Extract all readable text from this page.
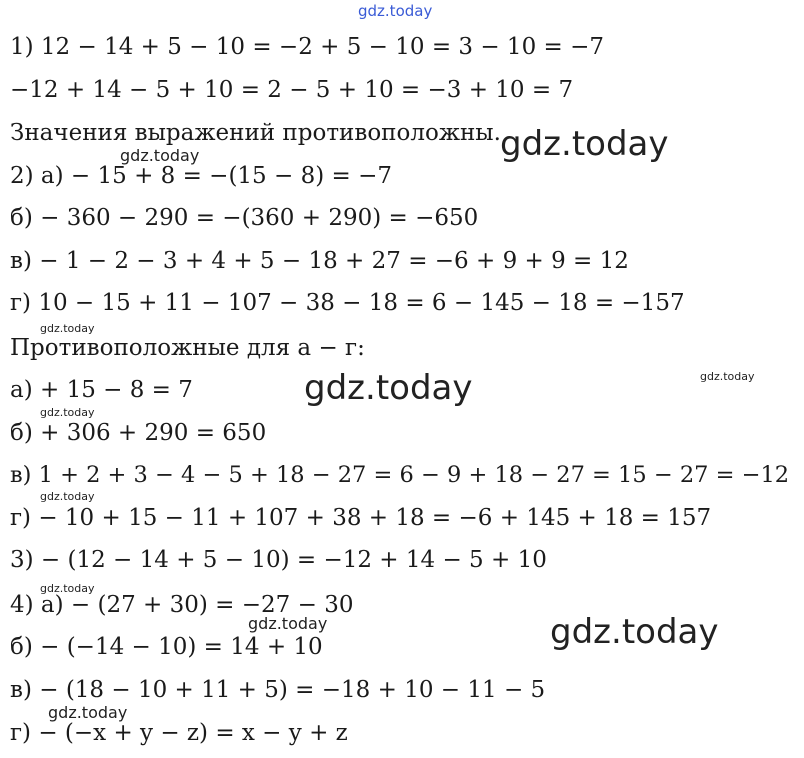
1) 12 − 14 + 5 − 10 = −2 + 5 − 10 = 3 − 10 = −7
−12 + 14 − 5 + 10 = 2 − 5 + 10 = −3 + 10 = 7
Значения выражений противоположны.
2) а) − 15 + 8 = −(15 − 8) = −7
б) − 360 − 290 = −(360 + 290) = −650
в) − 1 − 2 − 3 + 4 + 5 − 18 + 27 = −6 + 9 + 9 = 12
г) 10 − 15 + 11 − 107 − 38 − 18 = 6 − 145 − 18 = −157
Противоположные для а − г:
а) + 15 − 8 = 7
б) + 306 + 290 = 650
в) 1 + 2 + 3 − 4 − 5 + 18 − 27 = 6 − 9 + 18 − 27 = 15 − 27 = −12
г) − 10 + 15 − 11 + 107 + 38 + 18 = −6 + 145 + 18 = 157
3) − (12 − 14 + 5 − 10) = −12 + 14 − 5 + 10
4) а) − (27 + 30) = −27 − 30
б) − (−14 − 10) = 14 + 10
в) − (18 − 10 + 11 + 5) = −18 + 10 − 11 − 5
г) − (−x + y − z) = x − y + z
gdz.today
gdz.today
gdz.today
gdz.today
gdz.today
gdz.today
gdz.today
gdz.today
gdz.today
gdz.today
gdz.today
gdz.today
